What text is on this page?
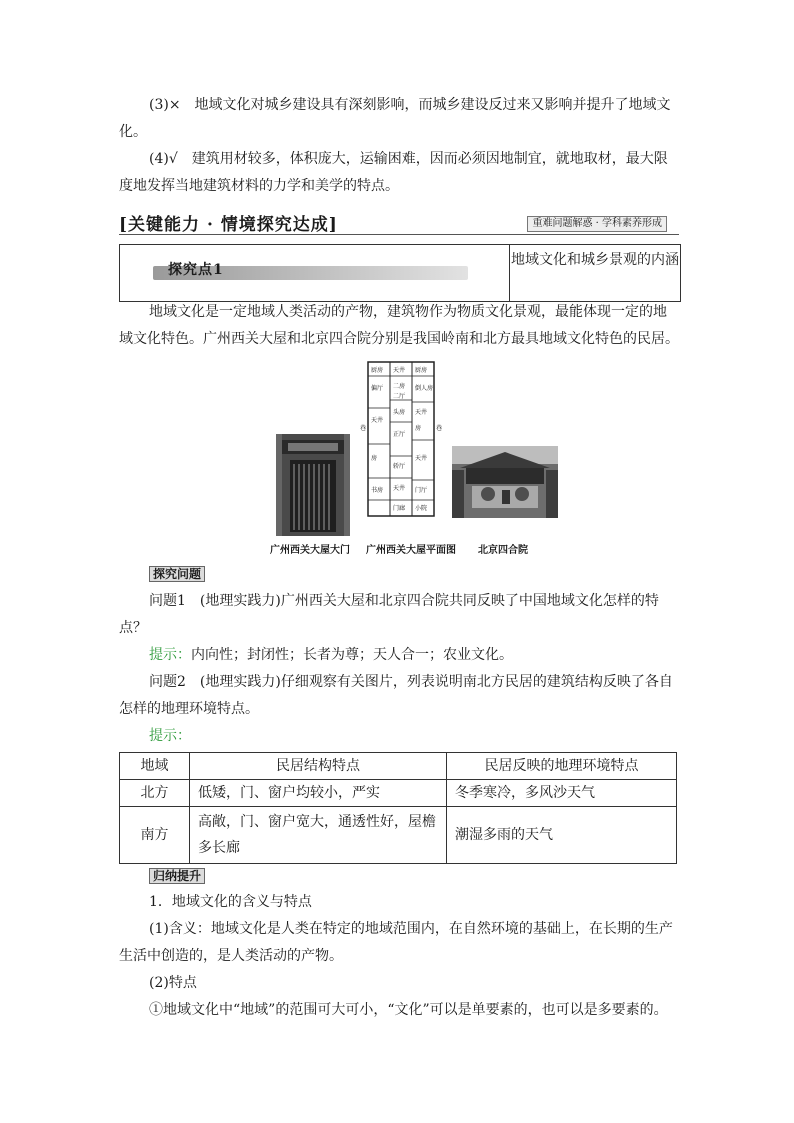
(3)×　地域文化对城乡建设具有深刻影响，而城乡建设反过来又影响并提升了地域文化。

(4)√　建筑用材较多，体积庞大，运输困难，因而必须因地制宜，就地取材，最大限度地发挥当地建筑材料的力学和美学的特点。

[关键能力 · 情境探究达成]	重难问题解惑 · 学科素养形成
探究点1
地域文化和城乡景观的内涵

地域文化是一定地域人类活动的产物，建筑物作为物质文化景观，最能体现一定的地域文化特色。广州西关大屋和北京四合院分别是我国岭南和北方最具地域文化特色的民居。

厨房 天井 厨房
偏厅 二房 倒人房
二厅
天井
头房
天井
正厅
房
房
轿厅
天井
天井
书房	门厅
门廊 小院
巷	巷
广州西关大屋大门 广州西关大屋平面图 北京四合院
探究问题

问题1　(地理实践力)广州西关大屋和北京四合院共同反映了中国地域文化怎样的特点？

提示：内向性；封闭性；长者为尊；天人合一；农业文化。

问题2　(地理实践力)仔细观察有关图片，列表说明南北方民居的建筑结构反映了各自怎样的地理环境特点。

提示：

地域	民居结构特点	民居反映的地理环境特点
北方	低矮，门、窗户均较小，严实	冬季寒冷，多风沙天气
南方	高敞，门、窗户宽大，通透性好，屋檐多长廊	潮湿多雨的天气
归纳提升

1．地域文化的含义与特点

(1)含义：地域文化是人类在特定的地域范围内，在自然环境的基础上，在长期的生产生活中创造的，是人类活动的产物。

(2)特点

①地域文化中“地域”的范围可大可小，“文化”可以是单要素的，也可以是多要素的。
